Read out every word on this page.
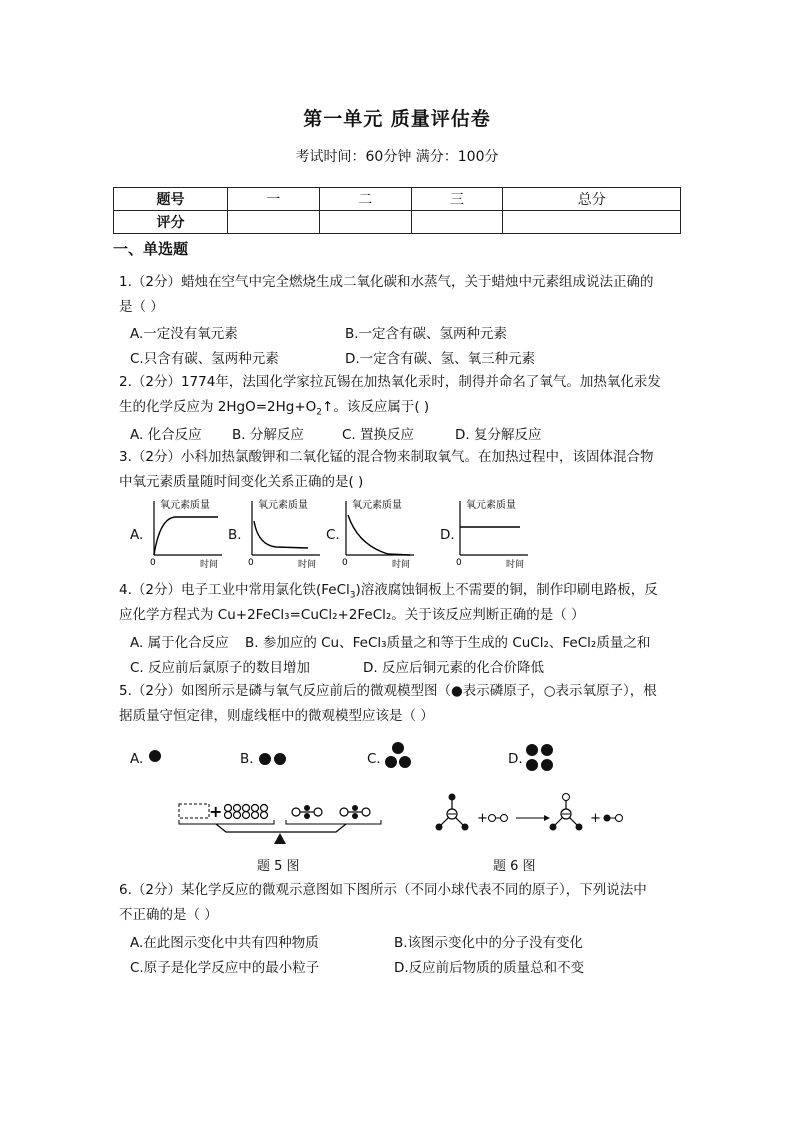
第一单元 质量评估卷
考试时间：60分钟 满分：100分
题号	一	二	三	总分
评分				
一、单选题
1.（2分）蜡烛在空气中完全燃烧生成二氧化碳和水蒸气，关于蜡烛中元素组成说法正确的
是（ ）
A.一定没有氧元素	B.一定含有碳、氢两种元素
C.只含有碳、氢两种元素	D.一定含有碳、氢、氧三种元素
2.（2分）1774年，法国化学家拉瓦锡在加热氧化汞时，制得并命名了氧气。加热氧化汞发
生的化学反应为 $2HgO=2Hg+O_2↑$。该反应属于( )
A. 化合反应 B. 分解反应	C. 置换反应	D. 复分解反应
3.（2分）小科加热氯酸钾和二氧化锰的混合物来制取氧气。在加热过程中，该固体混合物
中氧元素质量随时间变化关系正确的是( )
A.
氧元素质量
时间
0
B.
氧元素质量
时间
0
C.
氧元素质量
时间
0
D.
氧元素质量
时间
0
4.（2分）电子工业中常用氯化铁(FeCl$_3$)溶液腐蚀铜板上不需要的铜，制作印刷电路板，反
应化学方程式为 Cu+2FeCl₃=CuCl₂+2FeCl₂。关于该反应判断正确的是（ ）
A. 属于化合反应 B. 参加应的 Cu、FeCl₃质量之和等于生成的 CuCl₂、FeCl₂质量之和
C. 反应前后氯原子的数目增加	D. 反应后铜元素的化合价降低
5.（2分）如图所示是磷与氧气反应前后的微观模型图（●表示磷原子，○表示氧原子），根
据质量守恒定律，则虚线框中的微观模型应该是（ ）
A.	B.	C.	D.
+	+	+
题 5 图	题 6 图
6.（2分）某化学反应的微观示意图如下图所示（不同小球代表不同的原子），下列说法中
不正确的是（ ）
A.在此图示变化中共有四种物质	B.该图示变化中的分子没有变化
C.原子是化学反应中的最小粒子	D.反应前后物质的质量总和不变
